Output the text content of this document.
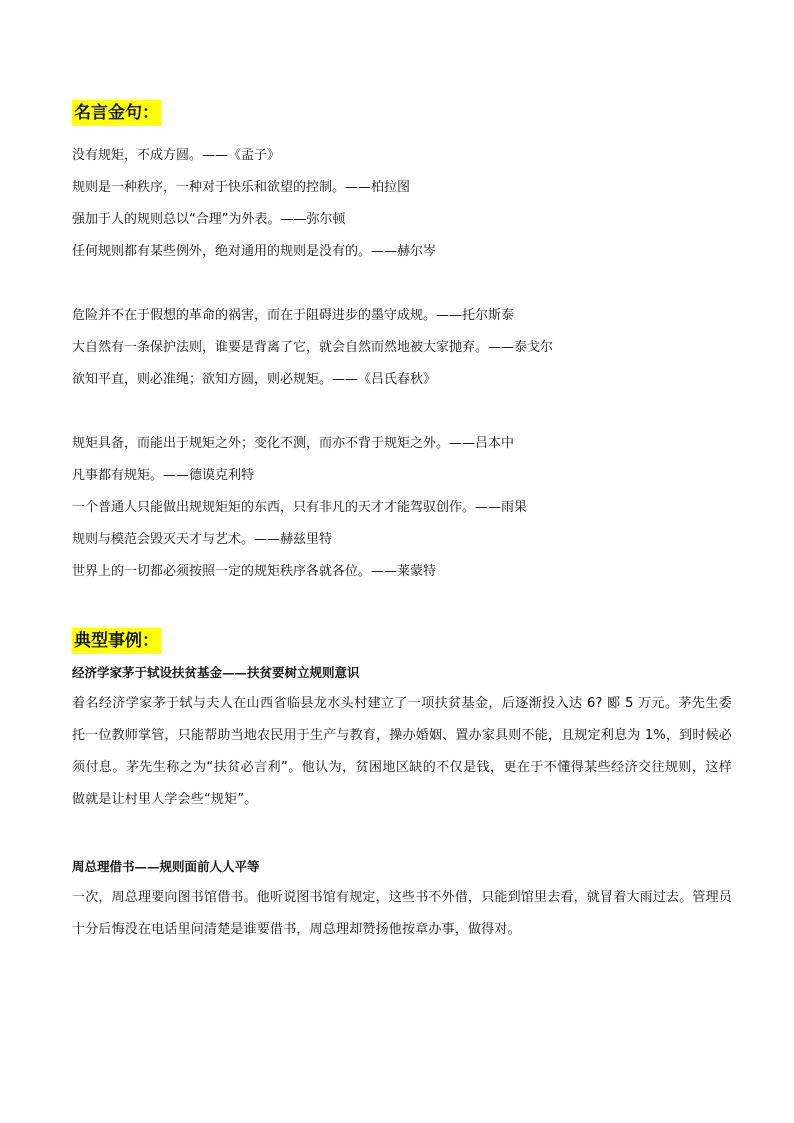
名言金句：

没有规矩，不成方圆。——《孟子》

规则是一种秩序，一种对于快乐和欲望的控制。——柏拉图

强加于人的规则总以“合理”为外表。——弥尔顿

任何规则都有某些例外，绝对通用的规则是没有的。——赫尔岑

危险并不在于假想的革命的祸害，而在于阻碍进步的墨守成规。——托尔斯泰

大自然有一条保护法则，谁要是背离了它，就会自然而然地被大家抛弃。——泰戈尔

欲知平直，则必准绳；欲知方圆，则必规矩。——《吕氏春秋》

规矩具备，而能出于规矩之外；变化不测，而亦不背于规矩之外。——吕本中

凡事都有规矩。——德谟克利特

一个普通人只能做出规规矩矩的东西，只有非凡的天才才能驾驭创作。——雨果

规则与模范会毁灭天才与艺术。——赫兹里特

世界上的一切都必须按照一定的规矩秩序各就各位。——莱蒙特

典型事例：

经济学家茅于轼设扶贫基金——扶贫要树立规则意识

着名经济学家茅于轼与夫人在山西省临县龙水头村建立了一项扶贫基金，后逐渐投入达 6? 郾 5 万元。茅先生委托一位教师掌管，只能帮助当地农民用于生产与教育，操办婚姻、置办家具则不能，且规定利息为 1%，到时候必须付息。茅先生称之为“扶贫必言利”。他认为，贫困地区缺的不仅是钱，更在于不懂得某些经济交往规则，这样做就是让村里人学会些“规矩”。

周总理借书——规则面前人人平等

一次，周总理要向图书馆借书。他听说图书馆有规定，这些书不外借，只能到馆里去看，就冒着大雨过去。管理员十分后悔没在电话里问清楚是谁要借书，周总理却赞扬他按章办事，做得对。
